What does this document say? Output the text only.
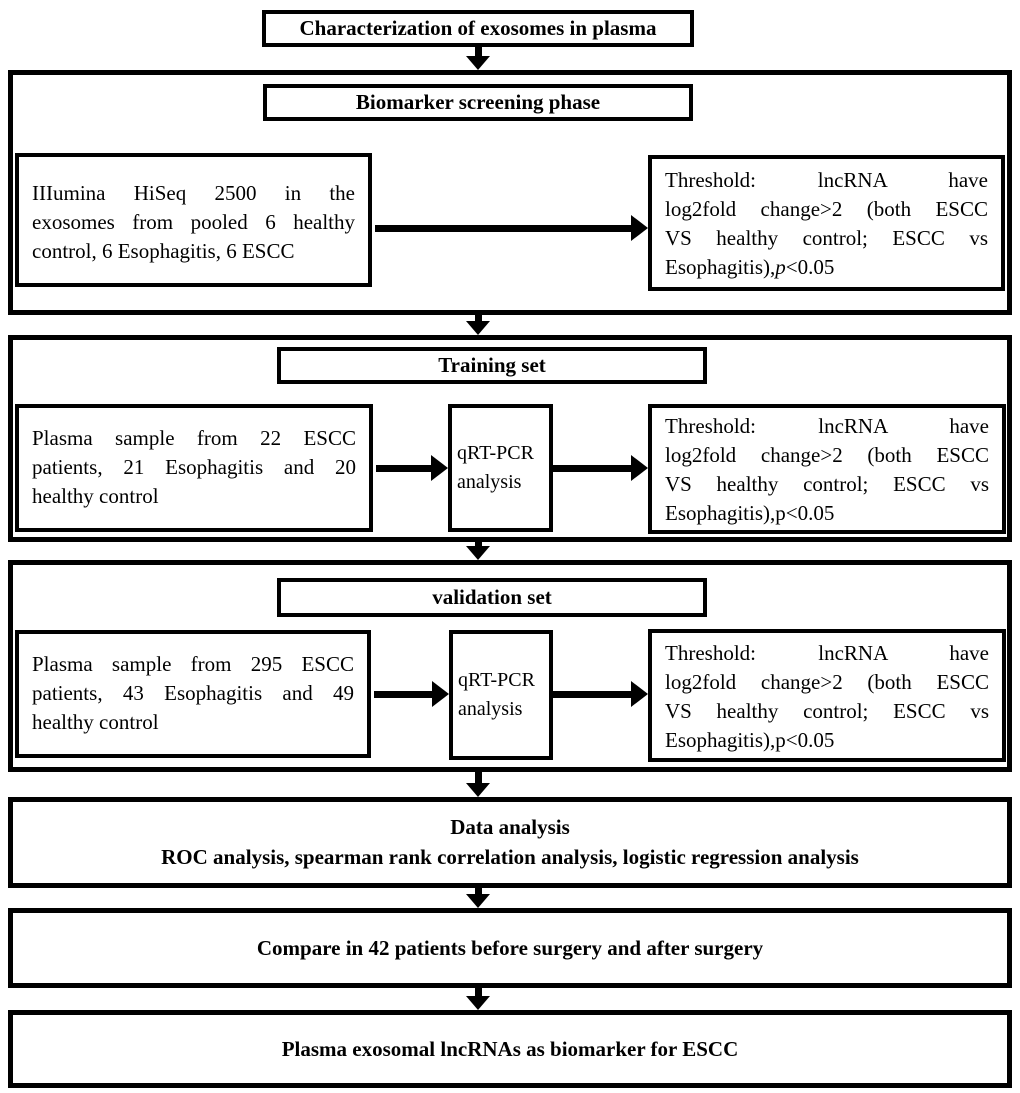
Characterization of exosomes in plasma
Biomarker screening phase
IIIumina HiSeq 2500 in the
exosomes from pooled 6 healthy
control, 6 Esophagitis, 6 ESCC
Threshold: lncRNA have
log2fold change>2 (both ESCC
VS healthy control; ESCC vs
Esophagitis),p<0.05
Training set
Plasma sample from 22 ESCC
patients, 21 Esophagitis and 20
healthy control
qRT-PCR analysis
Threshold: lncRNA have
log2fold change>2 (both ESCC
VS healthy control; ESCC vs
Esophagitis),p<0.05
validation set
Plasma sample from 295 ESCC
patients, 43 Esophagitis and 49
healthy control
qRT-PCR analysis
Threshold: lncRNA have
log2fold change>2 (both ESCC
VS healthy control; ESCC vs
Esophagitis),p<0.05
Data analysis
ROC analysis, spearman rank correlation analysis, logistic regression analysis
Compare in 42 patients before surgery and after surgery
Plasma exosomal lncRNAs as biomarker for ESCC
